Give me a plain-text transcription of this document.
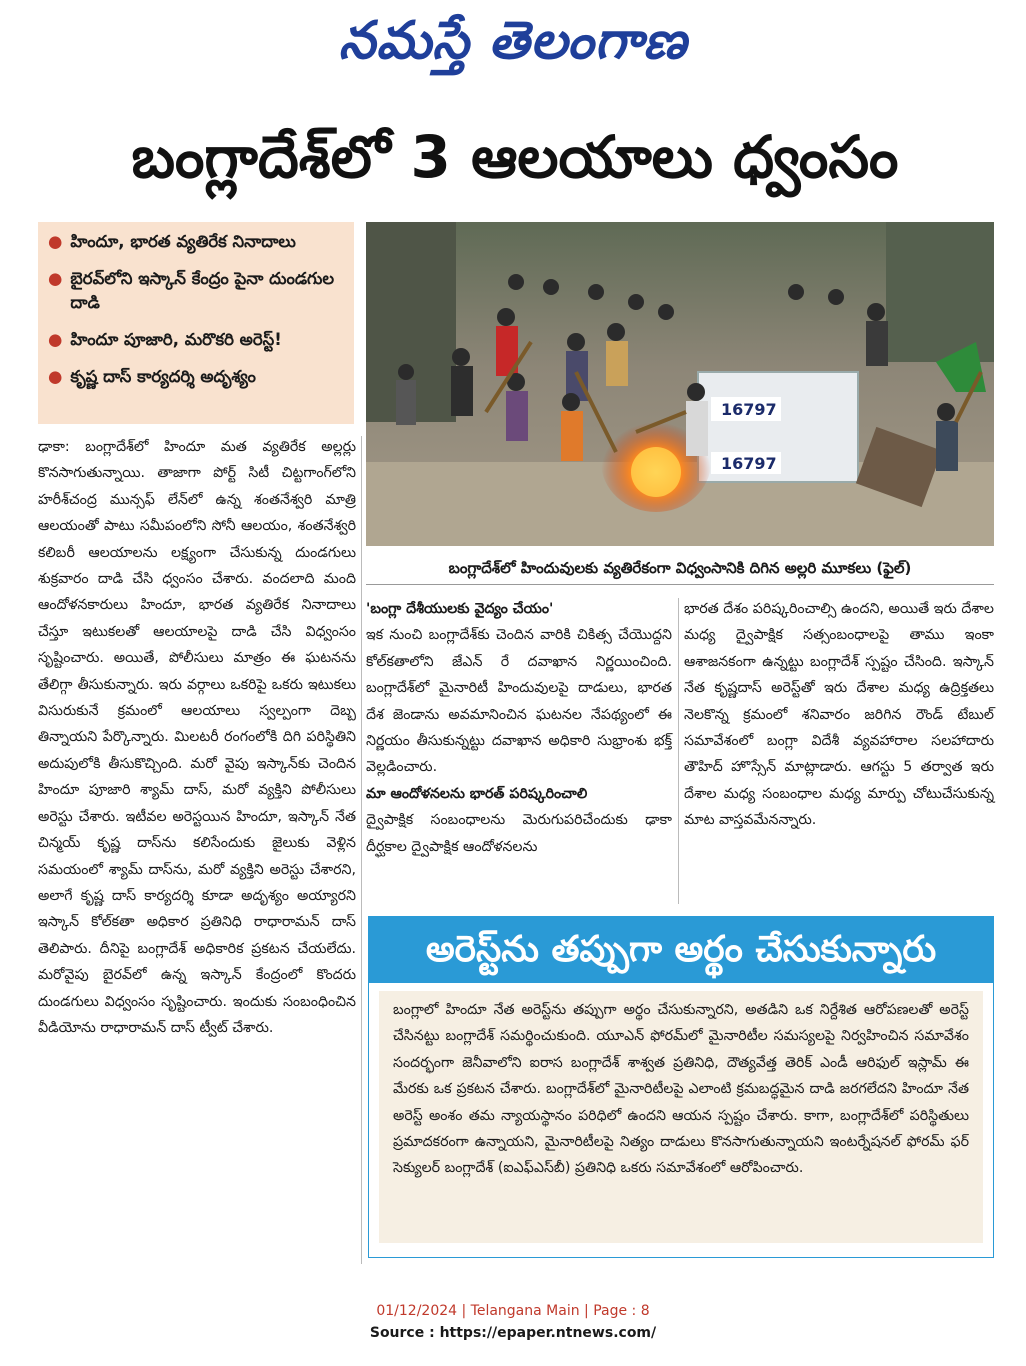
నమస్తే తెలంగాణ
బంగ్లాదేశ్‌లో 3 ఆలయాలు ధ్వంసం
● హిందూ, భారత వ్యతిరేక నినాదాలు
● బైరవ్‌లోని ఇస్కాన్ కేంద్రం పైనా దుండగుల దాడి
● హిందూ పూజారి, మరొకరి అరెస్ట్!
● కృష్ణ దాస్ కార్యదర్శి అదృశ్యం
16797
16797
బంగ్లాదేశ్‌లో హిందువులకు వ్యతిరేకంగా విధ్వంసానికి దిగిన అల్లరి మూకలు (ఫైల్)
ఢాకా: బంగ్లాదేశ్‌లో హిందూ మత వ్యతిరేక అల్లర్లు కొనసాగుతున్నాయి. తాజాగా పోర్ట్ సిటీ చిట్టగాంగ్‌లోని హరీశ్‌చంద్ర మున్సఫ్ లేన్‌లో ఉన్న శంతనేశ్వరి మాత్రి ఆలయంతో పాటు సమీపంలోని సోనీ ఆలయం, శంతనేశ్వరి కలిబరీ ఆలయాలను లక్ష్యంగా చేసుకున్న దుండగులు శుక్రవారం దాడి చేసి ధ్వంసం చేశారు. వందలాది మంది ఆందోళనకారులు హిందూ, భారత వ్యతిరేక నినాదాలు చేస్తూ ఇటుకలతో ఆలయాలపై దాడి చేసి విధ్వంసం సృష్టించారు. అయితే, పోలీసులు మాత్రం ఈ ఘటనను తేలిగ్గా తీసుకున్నారు. ఇరు వర్గాలు ఒకరిపై ఒకరు ఇటుకలు విసురుకునే క్రమంలో ఆలయాలు స్వల్పంగా దెబ్బ తిన్నాయని పేర్కొన్నారు. మిలటరీ రంగంలోకి దిగి పరిస్థితిని అదుపులోకి తీసుకొచ్చింది. మరో వైపు ఇస్కాన్‌కు చెందిన హిందూ పూజారి శ్యామ్ దాస్, మరో వ్యక్తిని పోలీసులు అరెస్టు చేశారు. ఇటీవల అరెస్టయిన హిందూ, ఇస్కాన్ నేత చిన్మయ్ కృష్ణ దాస్‌ను కలిసేందుకు జైలుకు వెళ్లిన సమయంలో శ్యామ్ దాస్‌ను, మరో వ్యక్తిని అరెస్టు చేశారని, అలాగే కృష్ణ దాస్ కార్యదర్శి కూడా అదృశ్యం అయ్యారని ఇస్కాన్ కోల్‌కతా అధికార ప్రతినిధి రాధారామన్ దాస్ తెలిపారు. దీనిపై బంగ్లాదేశ్ అధికారిక ప్రకటన చేయలేదు. మరోవైపు బైరవ్‌లో ఉన్న ఇస్కాన్ కేంద్రంలో కొందరు దుండగులు విధ్వంసం సృష్టించారు. ఇందుకు సంబంధించిన వీడియోను రాధారామన్ దాస్ ట్వీట్ చేశారు.
'బంగ్లా దేశీయులకు వైద్యం చేయం'
ఇక నుంచి బంగ్లాదేశ్‌కు చెందిన వారికి చికిత్స చేయొద్దని కోల్‌కతాలోని జేఎన్ రే దవాఖాన నిర్ణయించింది. బంగ్లాదేశ్‌లో మైనారిటీ హిందువులపై దాడులు, భారత దేశ జెండాను అవమానించిన ఘటనల నేపథ్యంలో ఈ నిర్ణయం తీసుకున్నట్టు దవాఖాన అధికారి సుభ్రాంశు భక్త్ వెల్లడించారు.
మా ఆందోళనలను భారత్ పరిష్కరించాలి
ద్వైపాక్షిక సంబంధాలను మెరుగుపరిచేందుకు ఢాకా దీర్ఘకాల ద్వైపాక్షిక ఆందోళనలను
భారత దేశం పరిష్కరించాల్సి ఉందని, అయితే ఇరు దేశాల మధ్య ద్వైపాక్షిక సత్సంబంధాలపై తాము ఇంకా ఆశాజనకంగా ఉన్నట్టు బంగ్లాదేశ్ స్పష్టం చేసింది. ఇస్కాన్ నేత కృష్ణదాస్ అరెస్ట్‌తో ఇరు దేశాల మధ్య ఉద్రిక్తతలు నెలకొన్న క్రమంలో శనివారం జరిగిన రౌండ్ టేబుల్ సమావేశంలో బంగ్లా విదేశీ వ్యవహారాల సలహాదారు తౌహిద్ హొస్సేన్ మాట్లాడారు. ఆగస్టు 5 తర్వాత ఇరు దేశాల మధ్య సంబంధాల మధ్య మార్పు చోటుచేసుకున్న మాట వాస్తవమేనన్నారు.
అరెస్ట్‌ను తప్పుగా అర్థం చేసుకున్నారు
బంగ్లాలో హిందూ నేత అరెస్ట్‌ను తప్పుగా అర్థం చేసుకున్నారని, అతడిని ఒక నిర్దేశిత ఆరోపణలతో అరెస్ట్ చేసినట్టు బంగ్లాదేశ్ సమర్థించుకుంది. యూఎన్ ఫోరమ్‌లో మైనారిటీల సమస్యలపై నిర్వహించిన సమావేశం సందర్భంగా జెనీవాలోని ఐరాస బంగ్లాదేశ్ శాశ్వత ప్రతినిధి, దౌత్యవేత్త తెరిక్ ఎండీ ఆరిఫుల్ ఇస్లామ్ ఈ మేరకు ఒక ప్రకటన చేశారు. బంగ్లాదేశ్‌లో మైనారిటీలపై ఎలాంటి క్రమబద్ధమైన దాడి జరగలేదని హిందూ నేత అరెస్ట్ అంశం తమ న్యాయస్థానం పరిధిలో ఉందని ఆయన స్పష్టం చేశారు. కాగా, బంగ్లాదేశ్‌లో పరిస్థితులు ప్రమాదకరంగా ఉన్నాయని, మైనారిటీలపై నిత్యం దాడులు కొనసాగుతున్నాయని ఇంటర్నేషనల్ ఫోరమ్ ఫర్ సెక్యులర్ బంగ్లాదేశ్ (ఐఎఫ్ఎస్‌బీ) ప్రతినిధి ఒకరు సమావేశంలో ఆరోపించారు.
01/12/2024 | Telangana Main | Page : 8
Source : https://epaper.ntnews.com/
